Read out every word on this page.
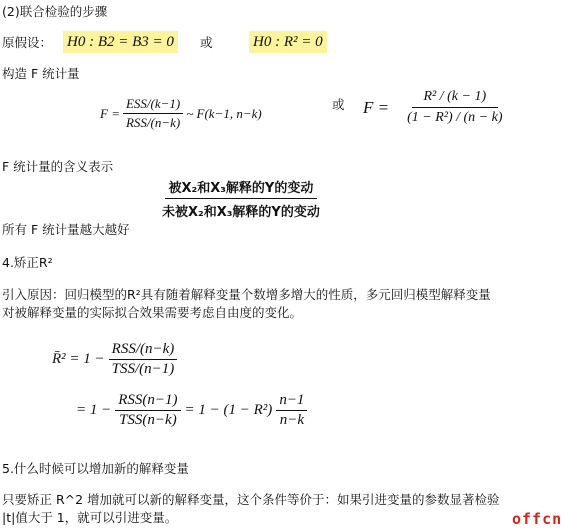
(2)联合检验的步骤
原假设： H0 : B2 = B3 = 0	或	H0 : R² = 0
构造 F 统计量
$F = \frac{\text{ESS/(k−1)}}{\text{RSS/(n−k)}}$ ~ F(k−1, n−k)
或 $F = \frac{\text{R² / (k − 1)}}{\text{(1 − R²) / (n − k)}}$
F 统计量的含义表示
$\frac{\text{被X₂和X₃解释的Y的变动}}{\text{未被X₂和X₃解释的Y的变动}}$
所有 F 统计量越大越好
4.矫正R²
引入原因：回归模型的R²具有随着解释变量个数增多增大的性质，多元回归模型解释变量
对被解释变量的实际拟合效果需要考虑自由度的变化。
R̄² = $1 - \frac{\text{RSS/(n−k)}}{\text{TSS/(n−1)}}$
= $1 - \frac{\text{RSS(n−1)}}{\text{TSS(n−k)}} = 1 - (1 - R^2) \frac{n-1}{n-k}$
5.什么时候可以增加新的解释变量
只要矫正 R^2 增加就可以新的解释变量，这个条件等价于：如果引进变量的参数显著检验
|t|值大于 1，就可以引进变量。	offcn
